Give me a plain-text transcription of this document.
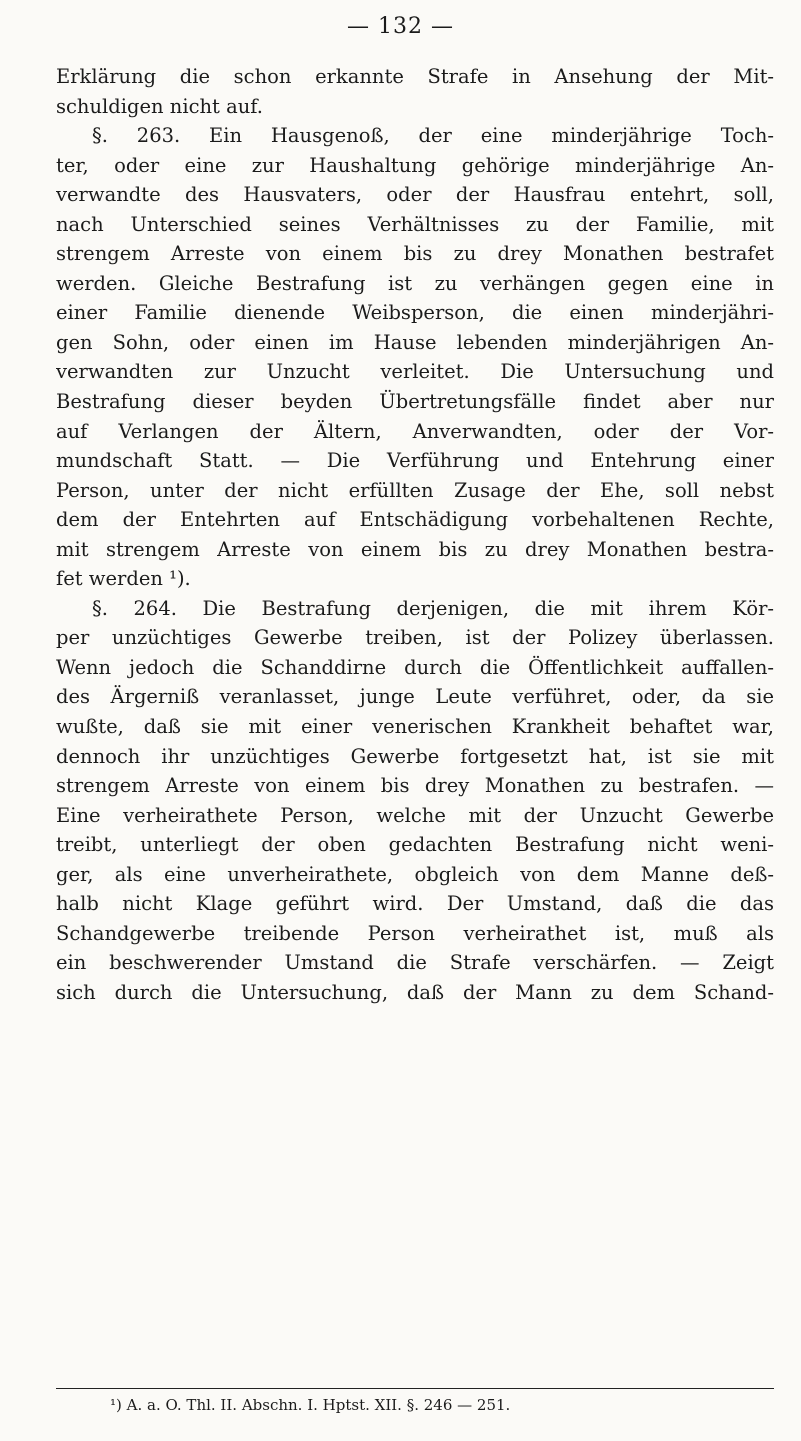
— 132 —
Erklärung die schon erkannte Strafe in Ansehung der Mit-
schuldigen nicht auf.
§. 263. Ein Hausgenoß, der eine minderjährige Toch-
ter, oder eine zur Haushaltung gehörige minderjährige An-
verwandte des Hausvaters, oder der Hausfrau entehrt, soll,
nach Unterschied seines Verhältnisses zu der Familie, mit
strengem Arreste von einem bis zu drey Monathen bestrafet
werden. Gleiche Bestrafung ist zu verhängen gegen eine in
einer Familie dienende Weibsperson, die einen minderjähri-
gen Sohn, oder einen im Hause lebenden minderjährigen An-
verwandten zur Unzucht verleitet. Die Untersuchung und
Bestrafung dieser beyden Übertretungsfälle findet aber nur
auf Verlangen der Ältern, Anverwandten, oder der Vor-
mundschaft Statt. — Die Verführung und Entehrung einer
Person, unter der nicht erfüllten Zusage der Ehe, soll nebst
dem der Entehrten auf Entschädigung vorbehaltenen Rechte,
mit strengem Arreste von einem bis zu drey Monathen bestra-
fet werden ¹).
§. 264. Die Bestrafung derjenigen, die mit ihrem Kör-
per unzüchtiges Gewerbe treiben, ist der Polizey überlassen.
Wenn jedoch die Schanddirne durch die Öffentlichkeit auffallen-
des Ärgerniß veranlasset, junge Leute verführet, oder, da sie
wußte, daß sie mit einer venerischen Krankheit behaftet war,
dennoch ihr unzüchtiges Gewerbe fortgesetzt hat, ist sie mit
strengem Arreste von einem bis drey Monathen zu bestrafen. —
Eine verheirathete Person, welche mit der Unzucht Gewerbe
treibt, unterliegt der oben gedachten Bestrafung nicht weni-
ger, als eine unverheirathete, obgleich von dem Manne deß-
halb nicht Klage geführt wird. Der Umstand, daß die das
Schandgewerbe treibende Person verheirathet ist, muß als
ein beschwerender Umstand die Strafe verschärfen. — Zeigt
sich durch die Untersuchung, daß der Mann zu dem Schand-
¹) A. a. O. Thl. II. Abschn. I. Hptst. XII. §. 246 — 251.
